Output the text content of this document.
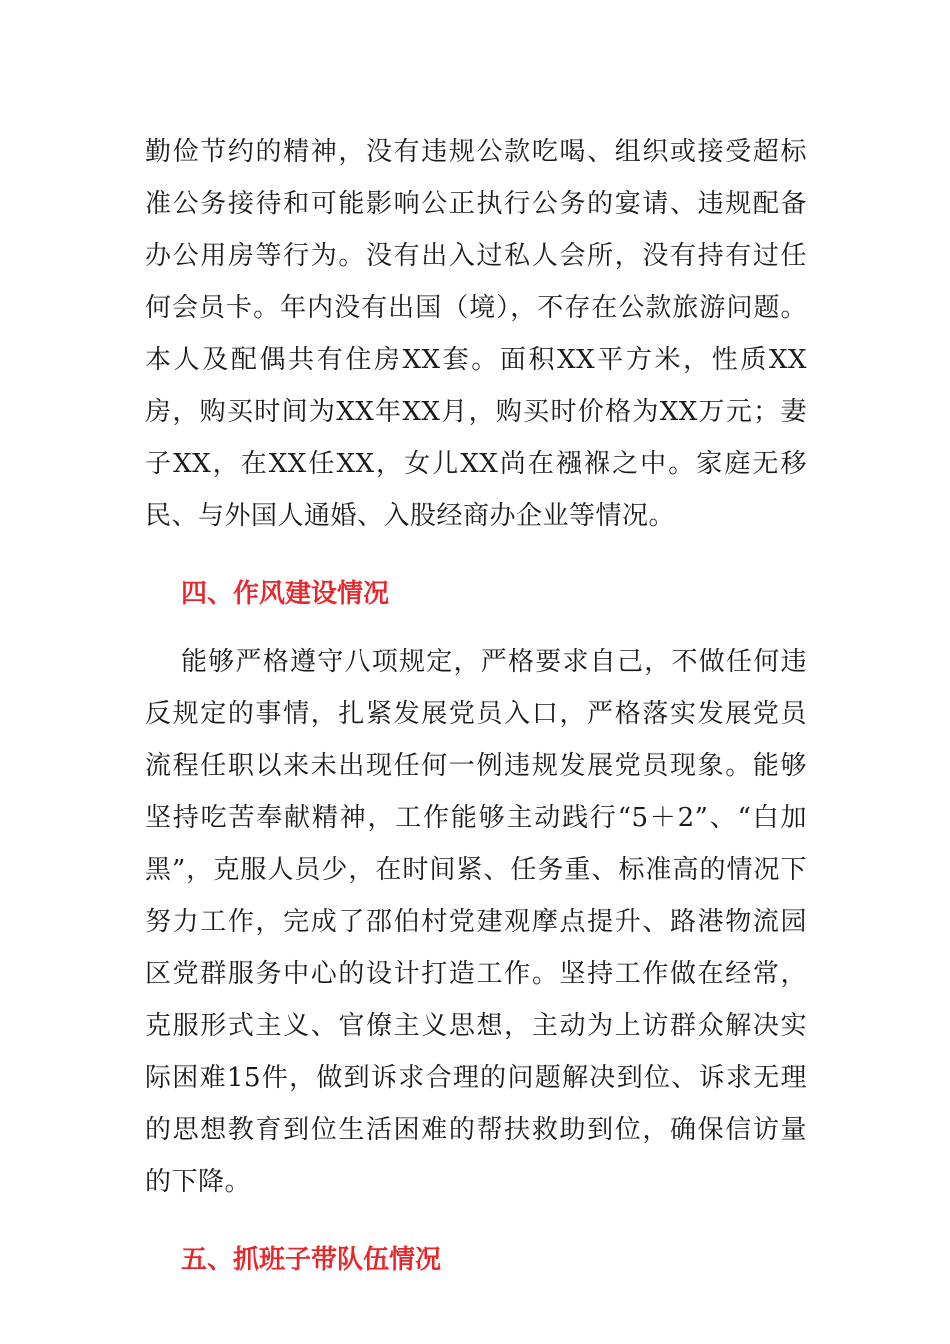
勤俭节约的精神，没有违规公款吃喝、组织或接受超标准公务接待和可能影响公正执行公务的宴请、违规配备办公用房等行为。没有出入过私人会所，没有持有过任何会员卡。年内没有出国（境），不存在公款旅游问题。本人及配偶共有住房XX套。面积XX平方米，性质XX房，购买时间为XX年XX月，购买时价格为XX万元；妻子XX，在XX任XX，女儿XX尚在襁褓之中。家庭无移民、与外国人通婚、入股经商办企业等情况。

四、作风建设情况

能够严格遵守八项规定，严格要求自己，不做任何违反规定的事情，扎紧发展党员入口，严格落实发展党员流程任职以来未出现任何一例违规发展党员现象。能够坚持吃苦奉献精神，工作能够主动践行“5＋2”、“白加黑”，克服人员少，在时间紧、任务重、标准高的情况下努力工作，完成了邵伯村党建观摩点提升、路港物流园区党群服务中心的设计打造工作。坚持工作做在经常，克服形式主义、官僚主义思想，主动为上访群众解决实际困难15件，做到诉求合理的问题解决到位、诉求无理的思想教育到位生活困难的帮扶救助到位，确保信访量的下降。

五、抓班子带队伍情况
